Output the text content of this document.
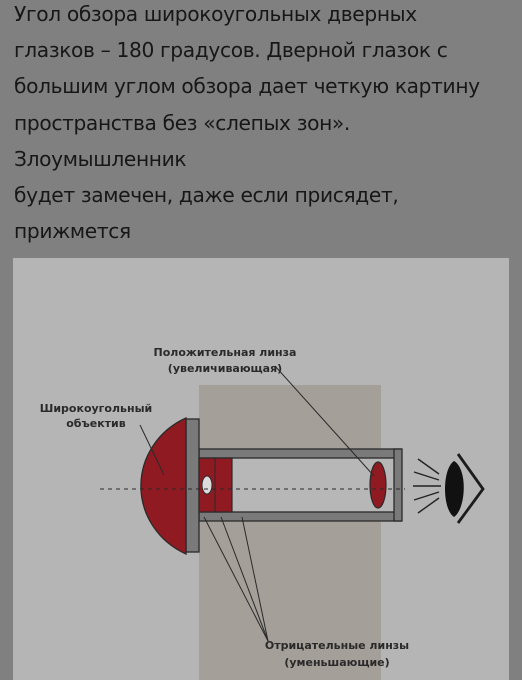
Угол обзора широкоугольных дверных
глазков – 180 градусов. Дверной глазок с
большим углом обзора дает четкую картину
пространства без «слепых зон». Злоумышленник
будет замечен, даже если присядет, прижмется

Положительная линза
(увеличивающая)
Широкоугольный
объектив
Отрицательные линзы
(уменьшающие)
